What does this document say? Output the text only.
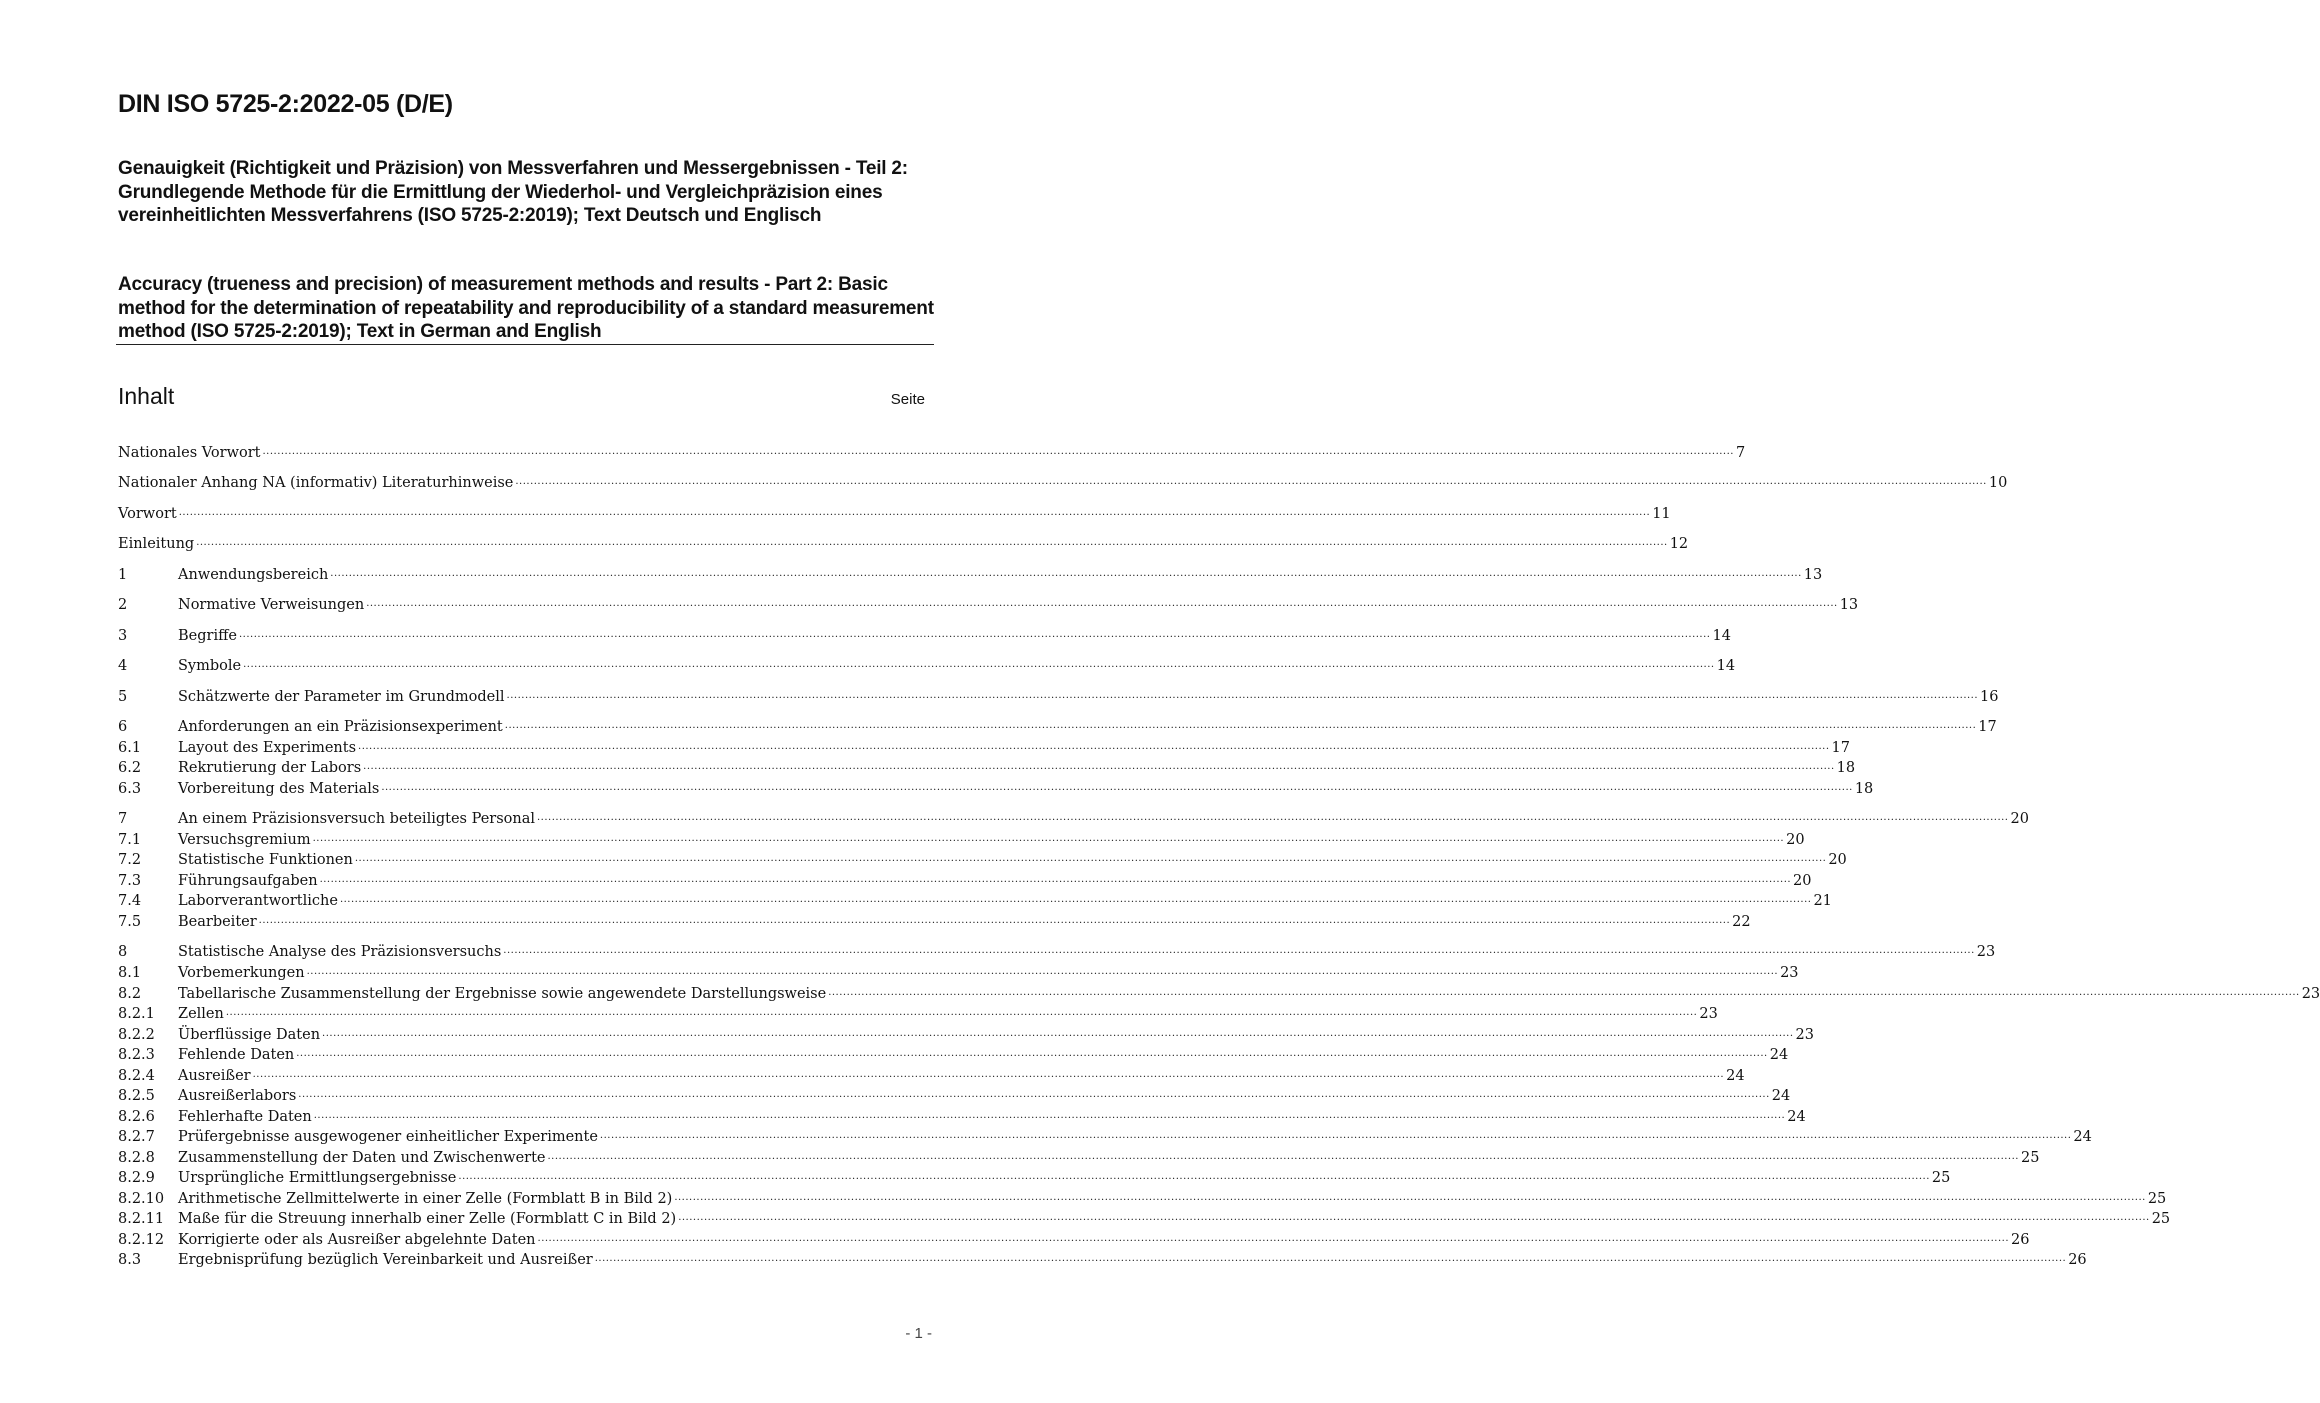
DIN ISO 5725-2:2022-05 (D/E)
Genauigkeit (Richtigkeit und Präzision) von Messverfahren und Messergebnissen - Teil 2: Grundlegende Methode für die Ermittlung der Wiederhol- und Vergleichpräzision eines vereinheitlichten Messverfahrens (ISO 5725-2:2019); Text Deutsch und Englisch
Accuracy (trueness and precision) of measurement methods and results - Part 2: Basic method for the determination of repeatability and reproducibility of a standard measurement method (ISO 5725-2:2019); Text in German and English
Inhalt	Seite
Nationales Vorwort ................................................................................................................................................................................................................................................................................................................................................................................................................ 7
Nationaler Anhang NA (informativ) Literaturhinweise ................................................................................................................................................................................................................................................................................................................................................................................................................ 10
Vorwort ................................................................................................................................................................................................................................................................................................................................................................................................................ 11
Einleitung ................................................................................................................................................................................................................................................................................................................................................................................................................ 12
1	Anwendungsbereich ................................................................................................................................................................................................................................................................................................................................................................................................................ 13
2	Normative Verweisungen ................................................................................................................................................................................................................................................................................................................................................................................................................ 13
3	Begriffe ................................................................................................................................................................................................................................................................................................................................................................................................................ 14
4	Symbole ................................................................................................................................................................................................................................................................................................................................................................................................................ 14
5	Schätzwerte der Parameter im Grundmodell ................................................................................................................................................................................................................................................................................................................................................................................................................ 16
6	Anforderungen an ein Präzisionsexperiment ................................................................................................................................................................................................................................................................................................................................................................................................................ 17
6.1	Layout des Experiments ................................................................................................................................................................................................................................................................................................................................................................................................................ 17
6.2	Rekrutierung der Labors ................................................................................................................................................................................................................................................................................................................................................................................................................ 18
6.3	Vorbereitung des Materials ................................................................................................................................................................................................................................................................................................................................................................................................................ 18
7	An einem Präzisionsversuch beteiligtes Personal ................................................................................................................................................................................................................................................................................................................................................................................................................ 20
7.1	Versuchsgremium ................................................................................................................................................................................................................................................................................................................................................................................................................ 20
7.2	Statistische Funktionen ................................................................................................................................................................................................................................................................................................................................................................................................................ 20
7.3	Führungsaufgaben ................................................................................................................................................................................................................................................................................................................................................................................................................ 20
7.4	Laborverantwortliche ................................................................................................................................................................................................................................................................................................................................................................................................................ 21
7.5	Bearbeiter ................................................................................................................................................................................................................................................................................................................................................................................................................ 22
8	Statistische Analyse des Präzisionsversuchs ................................................................................................................................................................................................................................................................................................................................................................................................................ 23
8.1	Vorbemerkungen ................................................................................................................................................................................................................................................................................................................................................................................................................ 23
8.2	Tabellarische Zusammenstellung der Ergebnisse sowie angewendete Darstellungsweise ................................................................................................................................................................................................................................................................................................................................................................................................................ 23
8.2.1	Zellen ................................................................................................................................................................................................................................................................................................................................................................................................................ 23
8.2.2	Überflüssige Daten ................................................................................................................................................................................................................................................................................................................................................................................................................ 23
8.2.3	Fehlende Daten ................................................................................................................................................................................................................................................................................................................................................................................................................ 24
8.2.4	Ausreißer ................................................................................................................................................................................................................................................................................................................................................................................................................ 24
8.2.5	Ausreißerlabors ................................................................................................................................................................................................................................................................................................................................................................................................................ 24
8.2.6	Fehlerhafte Daten ................................................................................................................................................................................................................................................................................................................................................................................................................ 24
8.2.7	Prüfergebnisse ausgewogener einheitlicher Experimente ................................................................................................................................................................................................................................................................................................................................................................................................................ 24
8.2.8	Zusammenstellung der Daten und Zwischenwerte ................................................................................................................................................................................................................................................................................................................................................................................................................ 25
8.2.9	Ursprüngliche Ermittlungsergebnisse ................................................................................................................................................................................................................................................................................................................................................................................................................ 25
8.2.10 Arithmetische Zellmittelwerte in einer Zelle (Formblatt B in Bild 2) ................................................................................................................................................................................................................................................................................................................................................................................................................ 25
8.2.11 Maße für die Streuung innerhalb einer Zelle (Formblatt C in Bild 2) ................................................................................................................................................................................................................................................................................................................................................................................................................ 25
8.2.12 Korrigierte oder als Ausreißer abgelehnte Daten ................................................................................................................................................................................................................................................................................................................................................................................................................ 26
8.3	Ergebnisprüfung bezüglich Vereinbarkeit und Ausreißer ................................................................................................................................................................................................................................................................................................................................................................................................................ 26
- 1 -
